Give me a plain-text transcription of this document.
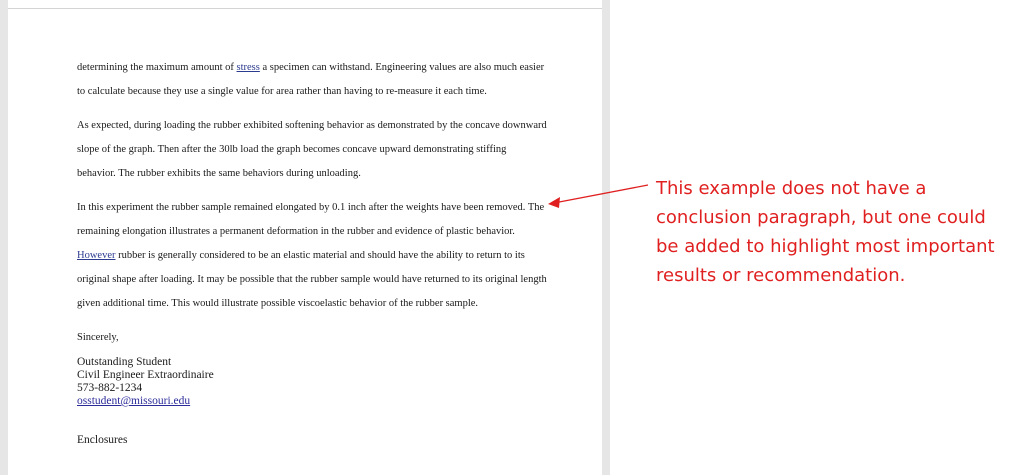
determining the maximum amount of stress a specimen can withstand. Engineering values are also much easier to calculate because they use a single value for area rather than having to re-measure it each time.

As expected, during loading the rubber exhibited softening behavior as demonstrated by the concave downward slope of the graph. Then after the 30lb load the graph becomes concave upward demonstrating stiffing behavior. The rubber exhibits the same behaviors during unloading.

In this experiment the rubber sample remained elongated by 0.1 inch after the weights have been removed. The remaining elongation illustrates a permanent deformation in the rubber and evidence of plastic behavior. However rubber is generally considered to be an elastic material and should have the ability to return to its original shape after loading. It may be possible that the rubber sample would have returned to its original length given additional time. This would illustrate possible viscoelastic behavior of the rubber sample.

Sincerely,

Outstanding Student
Civil Engineer Extraordinaire
573-882-1234
osstudent@missouri.edu
Enclosures
This example does not have a conclusion paragraph, but one could be added to highlight most important results or recommendation.
